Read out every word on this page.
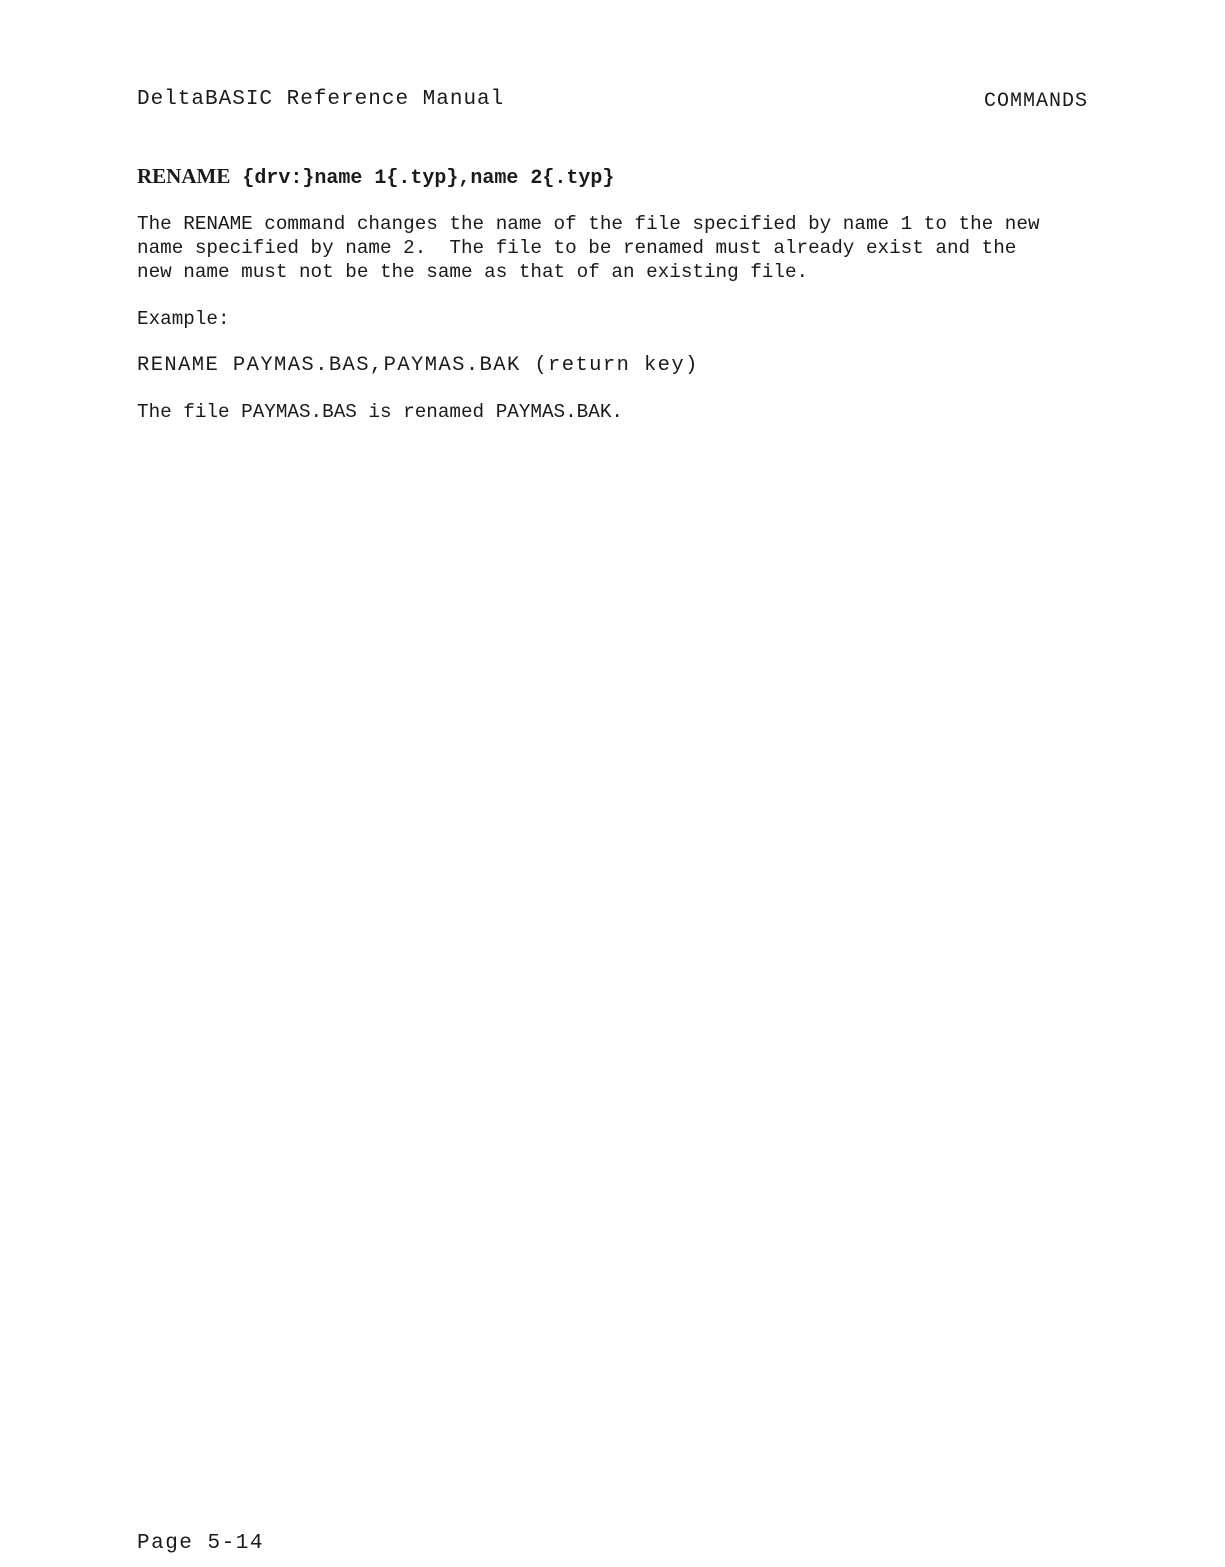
DeltaBASIC Reference Manual	COMMANDS
RENAME {drv:}name 1{.typ},name 2{.typ}
The RENAME command changes the name of the file specified by name 1 to the new
name specified by name 2.  The file to be renamed must already exist and the
new name must not be the same as that of an existing file.
Example:
RENAME PAYMAS.BAS,PAYMAS.BAK (return key)
The file PAYMAS.BAS is renamed PAYMAS.BAK.
Page 5-14
